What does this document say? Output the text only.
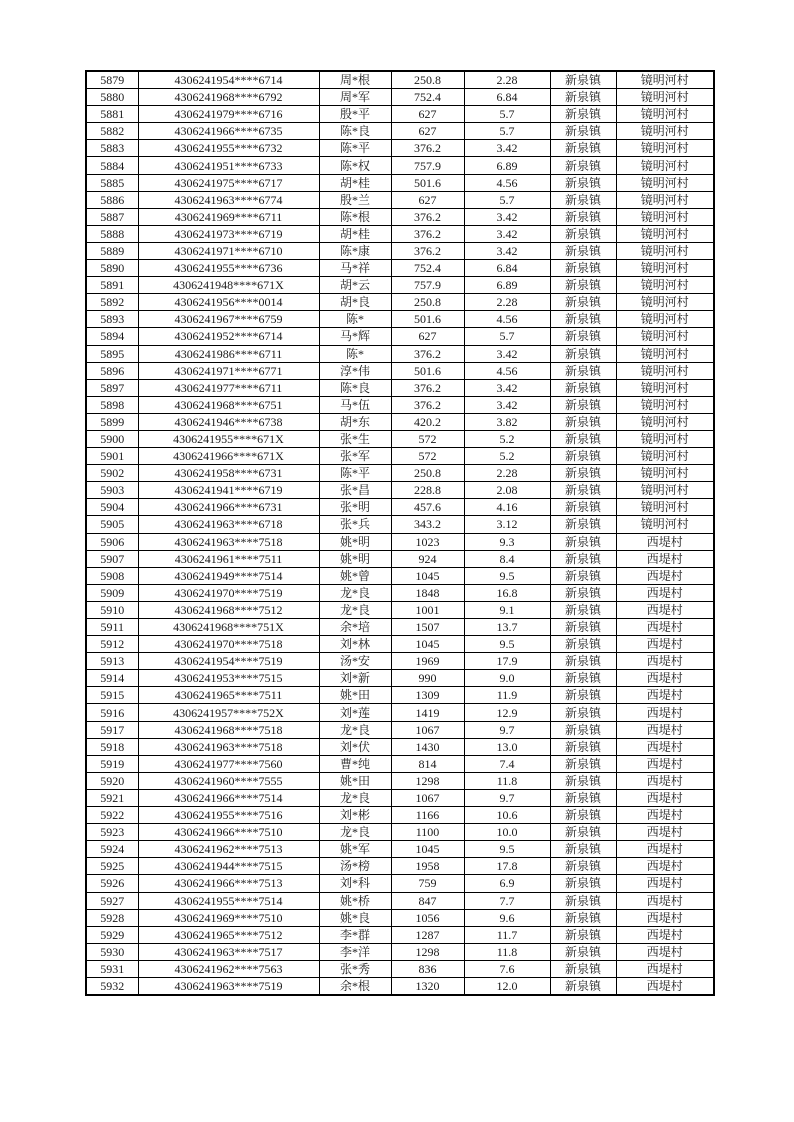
5879	4306241954****6714	周*根	250.8	2.28	新泉镇	镜明河村
5880	4306241968****6792	周*军	752.4	6.84	新泉镇	镜明河村
5881	4306241979****6716	殷*平	627	5.7	新泉镇	镜明河村
5882	4306241966****6735	陈*良	627	5.7	新泉镇	镜明河村
5883	4306241955****6732	陈*平	376.2	3.42	新泉镇	镜明河村
5884	4306241951****6733	陈*权	757.9	6.89	新泉镇	镜明河村
5885	4306241975****6717	胡*桂	501.6	4.56	新泉镇	镜明河村
5886	4306241963****6774	殷*兰	627	5.7	新泉镇	镜明河村
5887	4306241969****6711	陈*根	376.2	3.42	新泉镇	镜明河村
5888	4306241973****6719	胡*桂	376.2	3.42	新泉镇	镜明河村
5889	4306241971****6710	陈*康	376.2	3.42	新泉镇	镜明河村
5890	4306241955****6736	马*祥	752.4	6.84	新泉镇	镜明河村
5891	4306241948****671X	胡*云	757.9	6.89	新泉镇	镜明河村
5892	4306241956****0014	胡*良	250.8	2.28	新泉镇	镜明河村
5893	4306241967****6759	陈*	501.6	4.56	新泉镇	镜明河村
5894	4306241952****6714	马*辉	627	5.7	新泉镇	镜明河村
5895	4306241986****6711	陈*	376.2	3.42	新泉镇	镜明河村
5896	4306241971****6771	淳*伟	501.6	4.56	新泉镇	镜明河村
5897	4306241977****6711	陈*良	376.2	3.42	新泉镇	镜明河村
5898	4306241968****6751	马*伍	376.2	3.42	新泉镇	镜明河村
5899	4306241946****6738	胡*东	420.2	3.82	新泉镇	镜明河村
5900	4306241955****671X	张*生	572	5.2	新泉镇	镜明河村
5901	4306241966****671X	张*军	572	5.2	新泉镇	镜明河村
5902	4306241958****6731	陈*平	250.8	2.28	新泉镇	镜明河村
5903	4306241941****6719	张*昌	228.8	2.08	新泉镇	镜明河村
5904	4306241966****6731	张*明	457.6	4.16	新泉镇	镜明河村
5905	4306241963****6718	张*兵	343.2	3.12	新泉镇	镜明河村
5906	4306241963****7518	姚*明	1023	9.3	新泉镇	西堤村
5907	4306241961****7511	姚*明	924	8.4	新泉镇	西堤村
5908	4306241949****7514	姚*曾	1045	9.5	新泉镇	西堤村
5909	4306241970****7519	龙*良	1848	16.8	新泉镇	西堤村
5910	4306241968****7512	龙*良	1001	9.1	新泉镇	西堤村
5911	4306241968****751X	余*培	1507	13.7	新泉镇	西堤村
5912	4306241970****7518	刘*林	1045	9.5	新泉镇	西堤村
5913	4306241954****7519	汤*安	1969	17.9	新泉镇	西堤村
5914	4306241953****7515	刘*新	990	9.0	新泉镇	西堤村
5915	4306241965****7511	姚*田	1309	11.9	新泉镇	西堤村
5916	4306241957****752X	刘*莲	1419	12.9	新泉镇	西堤村
5917	4306241968****7518	龙*良	1067	9.7	新泉镇	西堤村
5918	4306241963****7518	刘*伏	1430	13.0	新泉镇	西堤村
5919	4306241977****7560	曹*纯	814	7.4	新泉镇	西堤村
5920	4306241960****7555	姚*田	1298	11.8	新泉镇	西堤村
5921	4306241966****7514	龙*良	1067	9.7	新泉镇	西堤村
5922	4306241955****7516	刘*彬	1166	10.6	新泉镇	西堤村
5923	4306241966****7510	龙*良	1100	10.0	新泉镇	西堤村
5924	4306241962****7513	姚*军	1045	9.5	新泉镇	西堤村
5925	4306241944****7515	汤*榜	1958	17.8	新泉镇	西堤村
5926	4306241966****7513	刘*科	759	6.9	新泉镇	西堤村
5927	4306241955****7514	姚*桥	847	7.7	新泉镇	西堤村
5928	4306241969****7510	姚*良	1056	9.6	新泉镇	西堤村
5929	4306241965****7512	李*群	1287	11.7	新泉镇	西堤村
5930	4306241963****7517	李*洋	1298	11.8	新泉镇	西堤村
5931	4306241962****7563	张*秀	836	7.6	新泉镇	西堤村
5932	4306241963****7519	余*根	1320	12.0	新泉镇	西堤村
